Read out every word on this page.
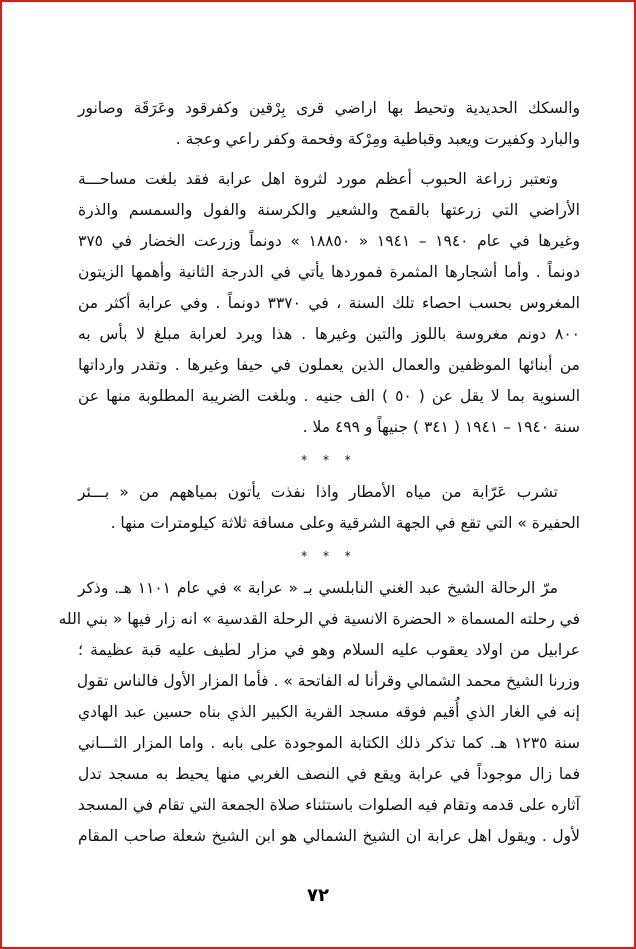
والسكك الحديدية وتحيط بها اراضي قرى بِرْقين وكفرقود وعَرَقَة وصانور
والبارد وكفيرت ويعبد وقباطية ومِرْكة وفحمة وكفر راعي وعجة .
وتعتبر زراعة الحبوب أعظم مورد لثروة اهل عرابة فقد بلغت مساحـــة
الأراضي التي زرعتها بالقمح والشعير والكرسنة والفول والسمسم والذرة
وغيرها في عام ١٩٤٠ – ١٩٤١ « ١٨٨٥٠ » دونماً وزرعت الخضار في ٣٧٥
دونماً . وأما أشجارها المثمرة فموردها يأتي في الدرجة الثانية وأهمها الزيتون
المغروس بحسب احصاء تلك السنة ، في ٣٣٧٠ دونماً . وفي عرابة أكثر من
٨٠٠ دونم مغروسة باللوز والتين وغيرها . هذا ويرد لعرابة مبلغ لا بأس به
من أبنائها الموظفين والعمال الذين يعملون في حيفا وغيرها . وتقدر وارداتها
السنوية بما لا يقل عن ( ٥٠ ) الف جنيه . وبلغت الضريبة المطلوبة منها عن
سنة ١٩٤٠ – ١٩٤١ ( ٣٤١ ) جنيهاً و ٤٩٩ ملا .
* * *
تشرب عَرّابة من مياه الأمطار واذا نفذت يأتون بمياههم من « بـــئر
الحفيرة » التي تقع في الجهة الشرقية وعلى مسافة ثلاثة كيلومترات منها .
* * *
مرّ الرحالة الشيخ عبد الغني النابلسي بـ « عرابة » في عام ١١٠١ هـ. وذكر
في رحلته المسماة « الحضرة الانسية في الرحلة القدسية » انه زار فيها « بني الله
عرابيل من اولاد يعقوب عليه السلام وهو في مزار لطيف عليه قبة عظيمة ؛
وزرنا الشيخ محمد الشمالي وقرأنا له الفاتحة » . فأما المزار الأول فالناس تقول
إنه في الغار الذي أُقيم فوقه مسجد القرية الكبير الذي بناه حسين عبد الهادي
سنة ١٢٣٥ هـ. كما تذكر ذلك الكتابة الموجودة على بابه . واما المزار الثـــاني
فما زال موجوداً في عرابة ويقع في النصف الغربي منها يحيط به مسجد تدل
آثاره على قدمه وتقام فيه الصلوات باستثناء صلاة الجمعة التي تقام في المسجد
لأول . ويقول اهل عرابة ان الشيخ الشمالي هو ابن الشيخ شعلة صاحب المقام
٧٢
